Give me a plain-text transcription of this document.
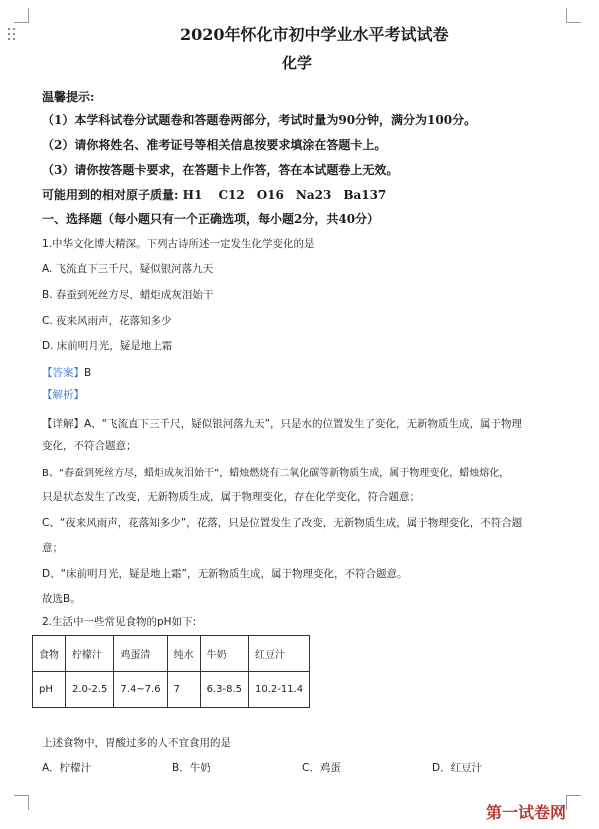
2020年怀化市初中学业水平考试试卷
化学
温馨提示:
（1）本学科试卷分试题卷和答题卷两部分，考试时量为90分钟，满分为100分。
（2）请你将姓名、准考证号等相关信息按要求填涂在答题卡上。
（3）请你按答题卡要求，在答题卡上作答，答在本试题卷上无效。
可能用到的相对原子质量: H1　 C12　O16　Na23　Ba137
一、选择题（每小题只有一个正确选项，每小题2分，共40分）
1.中华文化博大精深。下列古诗所述一定发生化学变化的是
A. 飞流直下三千尺，疑似银河落九天
B. 春蚕到死丝方尽，蜡炬成灰泪始干
C. 夜来风雨声，花落知多少
D. 床前明月光，疑是地上霜
【答案】B
【解析】
【详解】A、“飞流直下三千尺，疑似银河落九天”，只是水的位置发生了变化，无新物质生成，属于物理
变化，不符合题意；
B、“春蚕到死丝方尽，蜡炬成灰泪始干”，蜡烛燃烧有二氧化碳等新物质生成，属于物理变化，蜡烛熔化，
只是状态发生了改变，无新物质生成，属于物理变化，存在化学变化，符合题意；
C、“夜来风雨声，花落知多少”，花落，只是位置发生了改变，无新物质生成，属于物理变化，不符合题
意；
D、“床前明月光，疑是地上霜”，无新物质生成，属于物理变化，不符合题意。
故选B。
2.生活中一些常见食物的pH如下:
食物	柠檬汁	鸡蛋清	纯水	牛奶	红豆汁
pH	2.0-2.5	7.4~7.6	7	6.3-8.5	10.2-11.4
上述食物中，胃酸过多的人不宜食用的是
A．柠檬汁	B．牛奶	C．鸡蛋	D．红豆汁
第一试卷网
